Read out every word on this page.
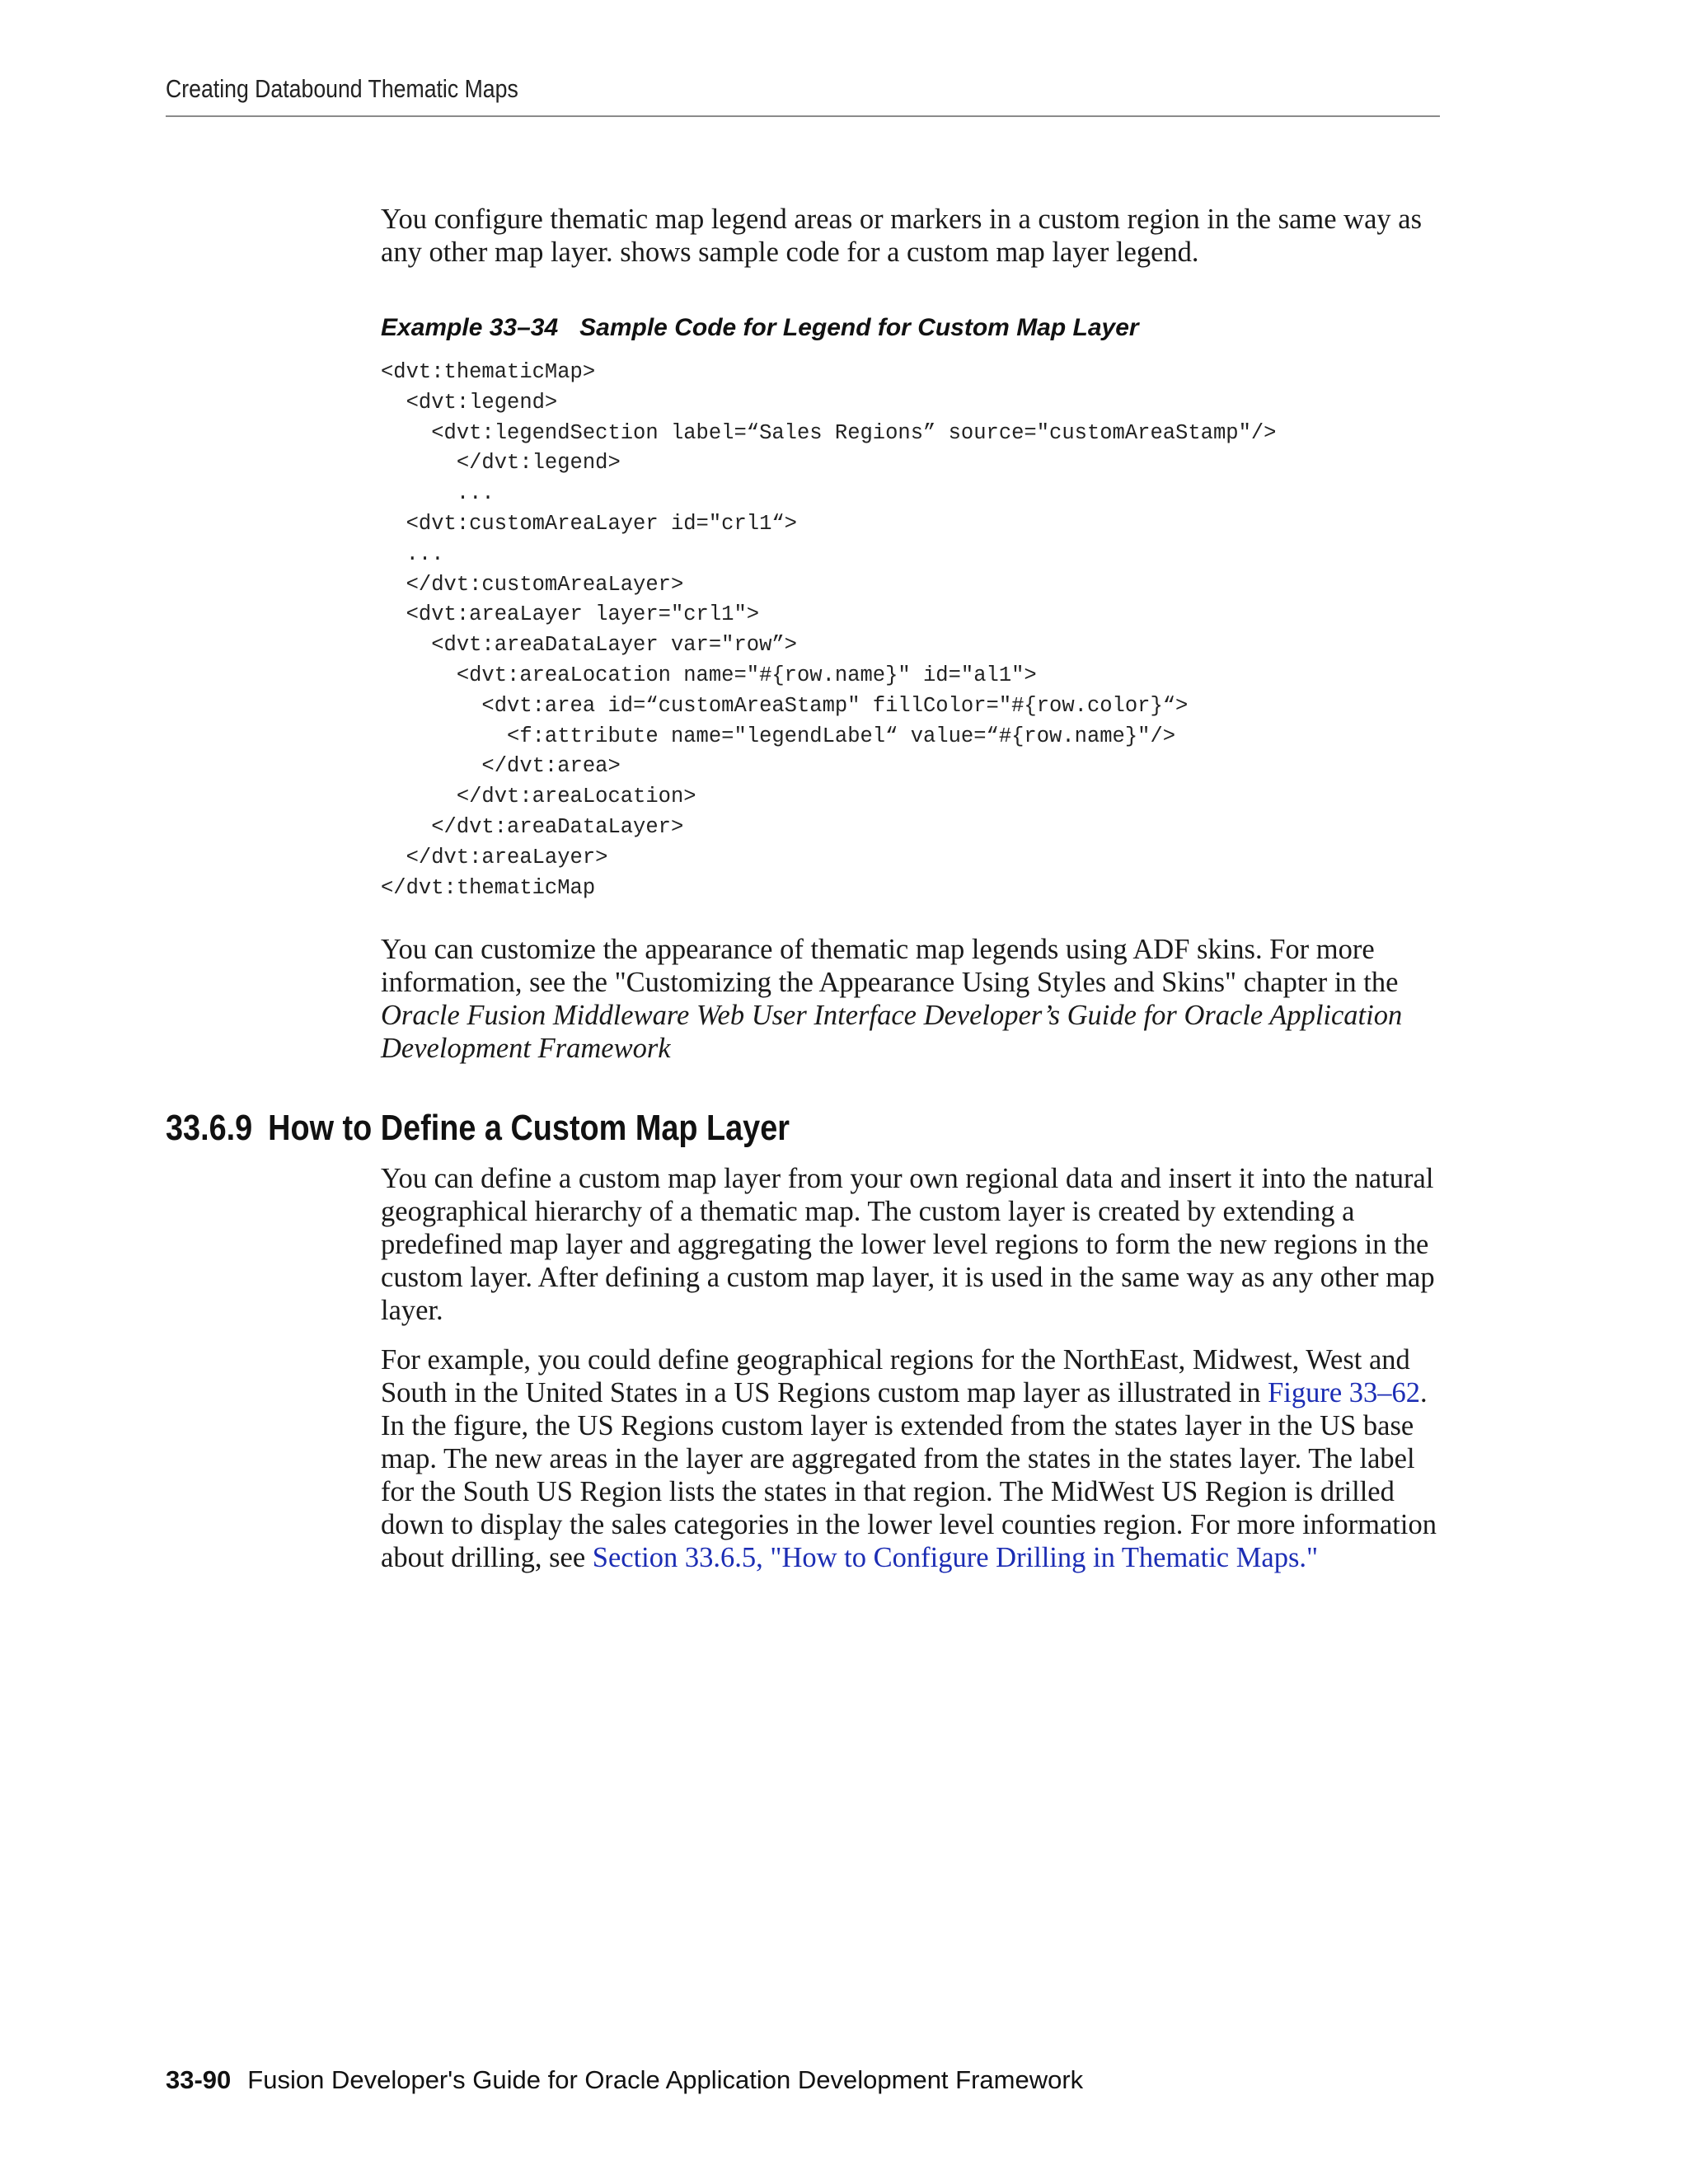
Creating Databound Thematic Maps

You configure thematic map legend areas or markers in a custom region in the same way as any other map layer. shows sample code for a custom map layer legend.

Example 33–34 Sample Code for Legend for Custom Map Layer
<dvt:thematicMap>
<dvt:legend>
<dvt:legendSection label=“Sales Regions” source="customAreaStamp"/>
</dvt:legend>
...
<dvt:customAreaLayer id="crl1“>
...
</dvt:customAreaLayer>
<dvt:areaLayer layer="crl1">
<dvt:areaDataLayer var="row”>
<dvt:areaLocation name="#{row.name}" id="al1">
<dvt:area id=“customAreaStamp" fillColor="#{row.color}“>
<f:attribute name="legendLabel“ value=“#{row.name}"/>
</dvt:area>
</dvt:areaLocation>
</dvt:areaDataLayer>
</dvt:areaLayer>
</dvt:thematicMap

You can customize the appearance of thematic map legends using ADF skins. For more information, see the "Customizing the Appearance Using Styles and Skins" chapter in the Oracle Fusion Middleware Web User Interface Developer’s Guide for Oracle Application Development Framework

33.6.9 How to Define a Custom Map Layer

You can define a custom map layer from your own regional data and insert it into the natural geographical hierarchy of a thematic map. The custom layer is created by extending a predefined map layer and aggregating the lower level regions to form the new regions in the custom layer. After defining a custom map layer, it is used in the same way as any other map layer.

For example, you could define geographical regions for the NorthEast, Midwest, West and South in the United States in a US Regions custom map layer as illustrated in Figure 33–62. In the figure, the US Regions custom layer is extended from the states layer in the US base map. The new areas in the layer are aggregated from the states in the states layer. The label for the South US Region lists the states in that region. The MidWest US Region is drilled down to display the sales categories in the lower level counties region. For more information about drilling, see Section 33.6.5, "How to Configure Drilling in Thematic Maps."

33-90 Fusion Developer's Guide for Oracle Application Development Framework
